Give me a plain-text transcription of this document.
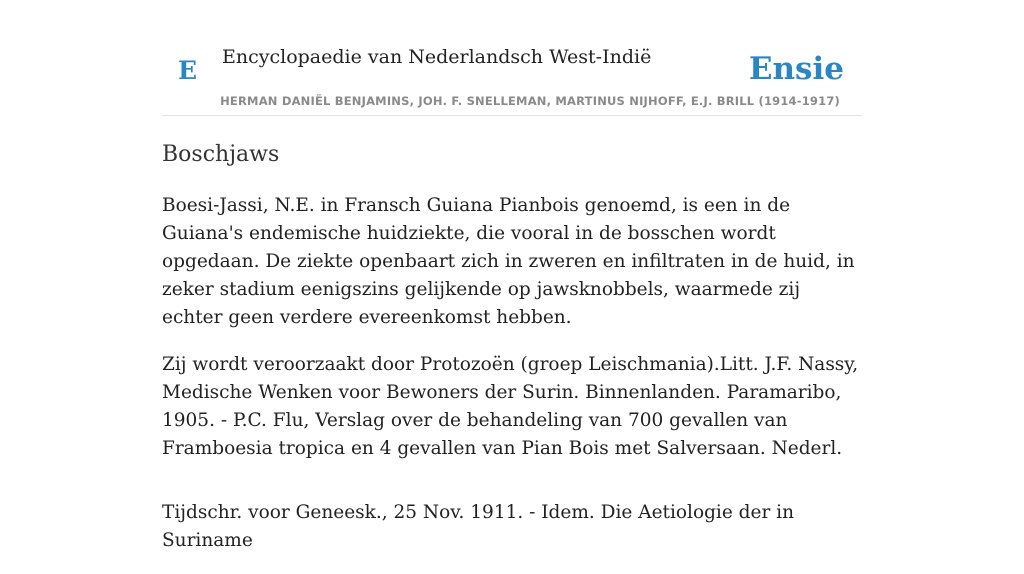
E Encyclopaedie van Nederlandsch West-Indië	Ensie
HERMAN DANIËL BENJAMINS, JOH. F. SNELLEMAN, MARTINUS NIJHOFF, E.J. BRILL (1914-1917)
Boschjaws

Boesi-Jassi, N.E. in Fransch Guiana Pianbois genoemd, is een in de Guiana's endemische huidziekte, die vooral in de bosschen wordt opgedaan. De ziekte openbaart zich in zweren en infiltraten in de huid, in zeker stadium eenigszins gelijkende op jawsknobbels, waarmede zij echter geen verdere evereenkomst hebben.

Zij wordt veroorzaakt door Protozoën (groep Leischmania).Litt. J.F. Nassy, Medische Wenken voor Bewoners der Surin. Binnenlanden. Paramaribo, 1905. - P.C. Flu, Verslag over de behandeling van 700 gevallen van Framboesia tropica en 4 gevallen van Pian Bois met Salversaan. Nederl.

Tijdschr. voor Geneesk., 25 Nov. 1911. - Idem. Die Aetiologie der in Suriname
